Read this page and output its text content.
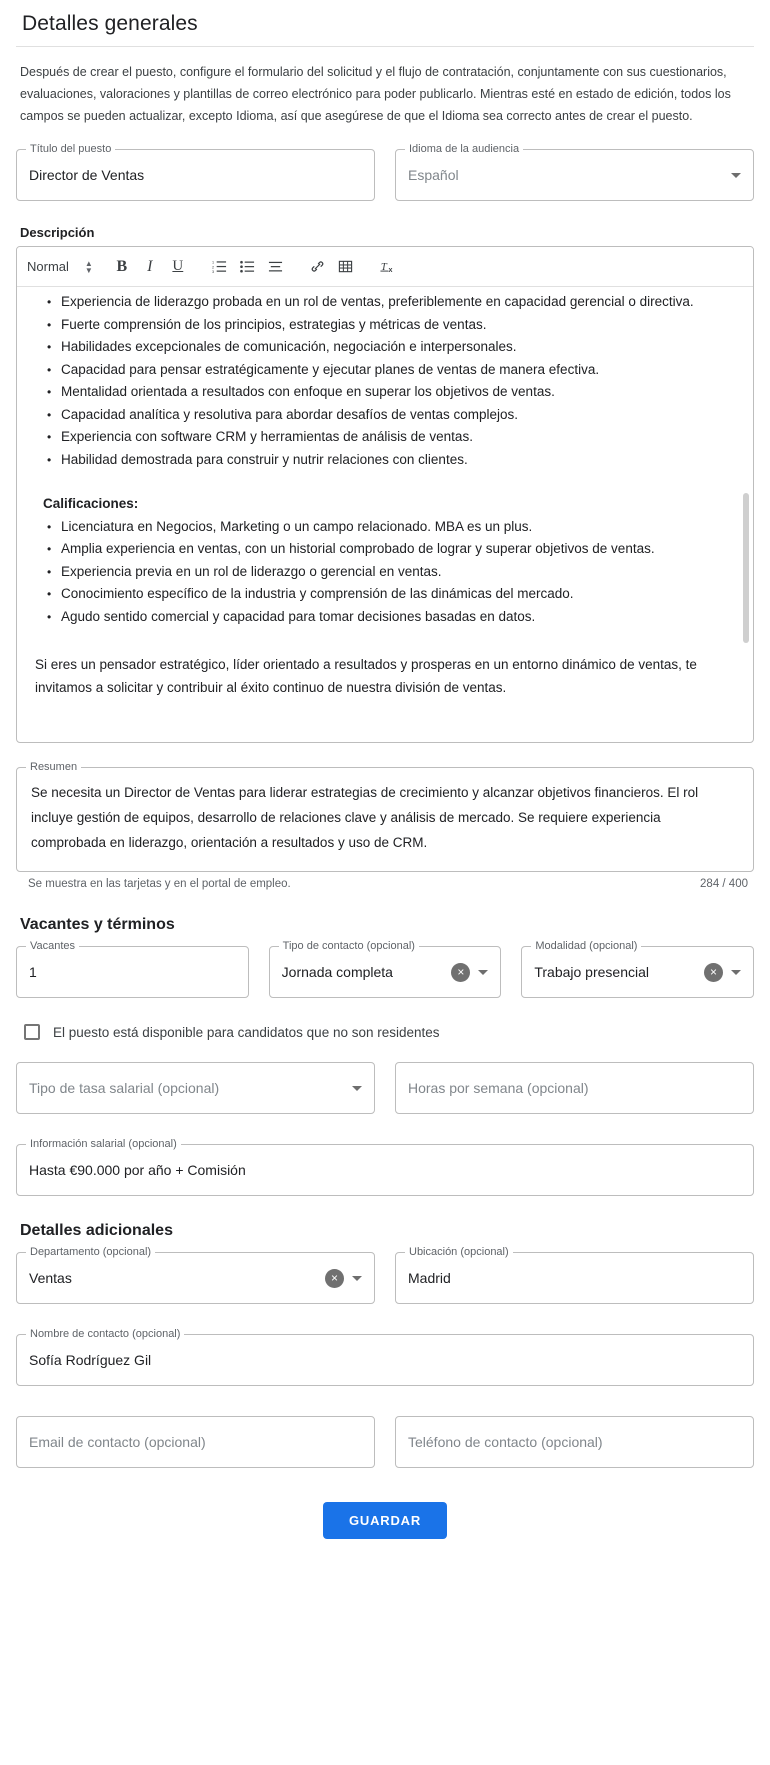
Detalles generales

Después de crear el puesto, configure el formulario del solicitud y el flujo de contratación, conjuntamente con sus cuestionarios, evaluaciones, valoraciones y plantillas de correo electrónico para poder publicarlo. Mientras esté en estado de edición, todos los campos se pueden actualizar, excepto Idioma, así que asegúrese de que el Idioma sea correcto antes de crear el puesto.

Título del puesto
Director de Ventas
Idioma de la audiencia
Español
Descripción
Normal ▲
▼	B	I	U	1
2
3	T x
• Experiencia de liderazgo probada en un rol de ventas, preferiblemente en capacidad gerencial o directiva.
• Fuerte comprensión de los principios, estrategias y métricas de ventas.
• Habilidades excepcionales de comunicación, negociación e interpersonales.
• Capacidad para pensar estratégicamente y ejecutar planes de ventas de manera efectiva.
• Mentalidad orientada a resultados con enfoque en superar los objetivos de ventas.
• Capacidad analítica y resolutiva para abordar desafíos de ventas complejos.
• Experiencia con software CRM y herramientas de análisis de ventas.
• Habilidad demostrada para construir y nutrir relaciones con clientes.
Calificaciones:
• Licenciatura en Negocios, Marketing o un campo relacionado. MBA es un plus.
• Amplia experiencia en ventas, con un historial comprobado de lograr y superar objetivos de ventas.
• Experiencia previa en un rol de liderazgo o gerencial en ventas.
• Conocimiento específico de la industria y comprensión de las dinámicas del mercado.
• Agudo sentido comercial y capacidad para tomar decisiones basadas en datos.
Si eres un pensador estratégico, líder orientado a resultados y prosperas en un entorno dinámico de ventas, te invitamos a solicitar y contribuir al éxito continuo de nuestra división de ventas.
Resumen
Se necesita un Director de Ventas para liderar estrategias de crecimiento y alcanzar objetivos financieros. El rol incluye gestión de equipos, desarrollo de relaciones clave y análisis de mercado. Se requiere experiencia comprobada en liderazgo, orientación a resultados y uso de CRM.
Se muestra en las tarjetas y en el portal de empleo.	284 / 400
Vacantes y términos
Vacantes
1
Tipo de contacto (opcional)
Jornada completa	×
Modalidad (opcional)
Trabajo presencial	×
El puesto está disponible para candidatos que no son residentes
Tipo de tasa salarial (opcional)	Horas por semana (opcional)
Información salarial (opcional)
Hasta €90.000 por año + Comisión
Detalles adicionales
Departamento (opcional)
Ventas	×
Ubicación (opcional)
Madrid
Nombre de contacto (opcional)
Sofía Rodríguez Gil
Email de contacto (opcional)	Teléfono de contacto (opcional)
GUARDAR
